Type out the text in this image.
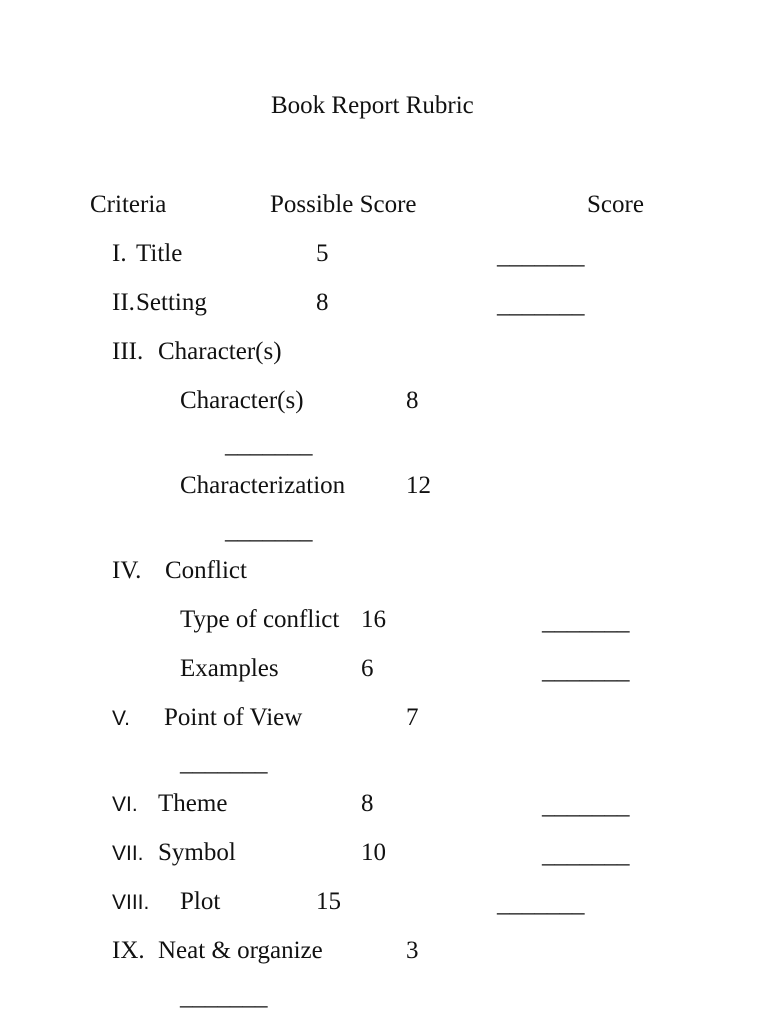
Book Report Rubric
Criteria	Possible Score	Score
I. Title	5	_______
II. Setting	8	_______
III. Character(s)
Character(s)	8
_______
Characterization 12
_______
IV. Conflict
Type of conflict 16	_______
Examples	6	_______
V. Point of View	7
_______
VI. Theme	8	_______
VII. Symbol	10	_______
VIII. Plot	15	_______
IX. Neat & organize	3
_______
